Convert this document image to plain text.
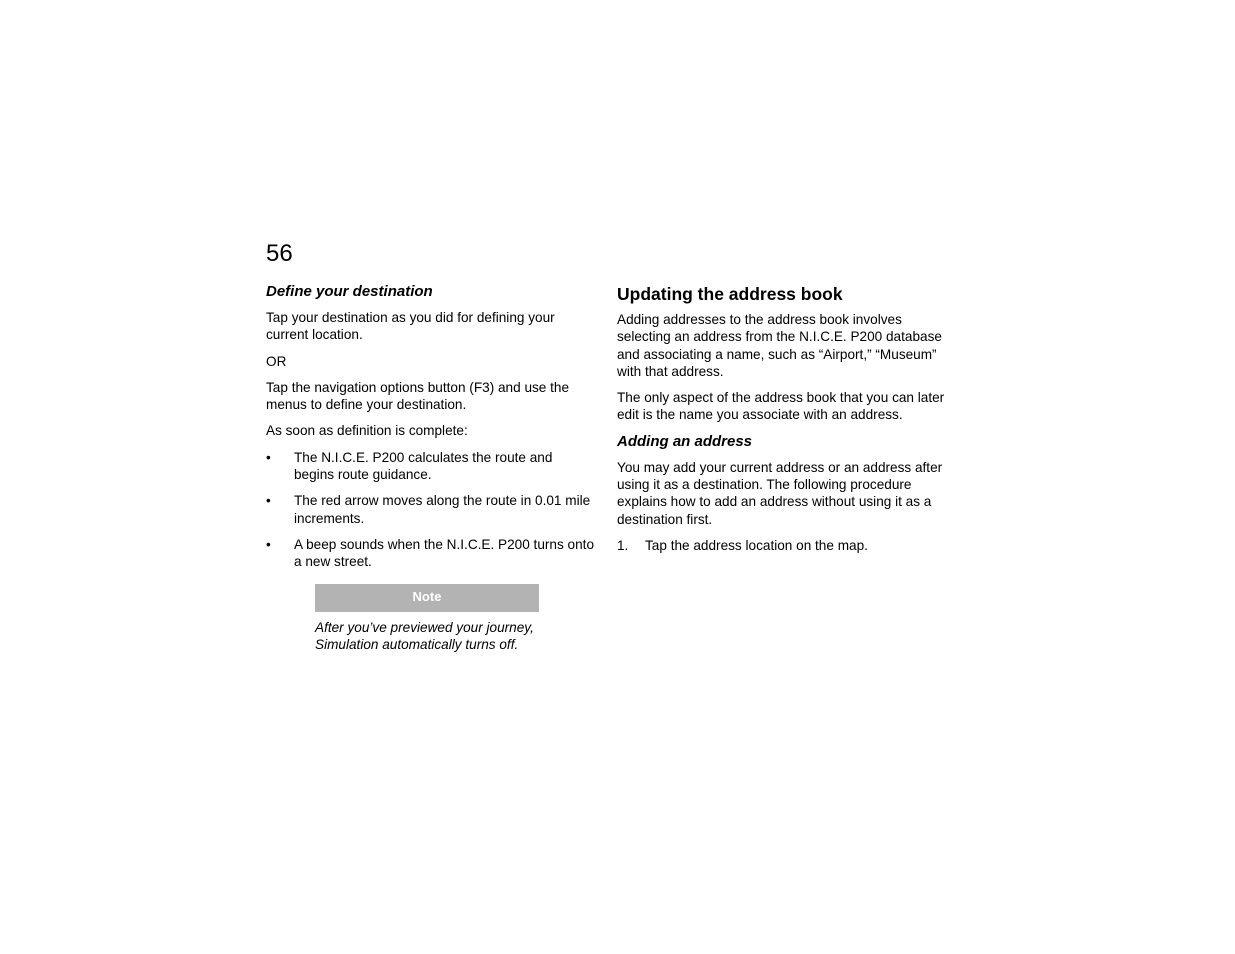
56
Define your destination

Tap your destination as you did for defining your current location.

OR

Tap the navigation options button (F3) and use the menus to define your destination.

As soon as definition is complete:

•	The N.I.C.E. P200 calculates the route and begins route guidance.
•	The red arrow moves along the route in 0.01 mile increments.
•	A beep sounds when the N.I.C.E. P200 turns onto a new street.
Note
After you’ve previewed your journey, Simulation automatically turns off.
Updating the address book

Adding addresses to the address book involves selecting an address from the N.I.C.E. P200 database and associating a name, such as “Airport,” “Museum” with that address.

The only aspect of the address book that you can later edit is the name you associate with an address.

Adding an address

You may add your current address or an address after using it as a destination. The following procedure explains how to add an address without using it as a destination first.

1.	Tap the address location on the map.
